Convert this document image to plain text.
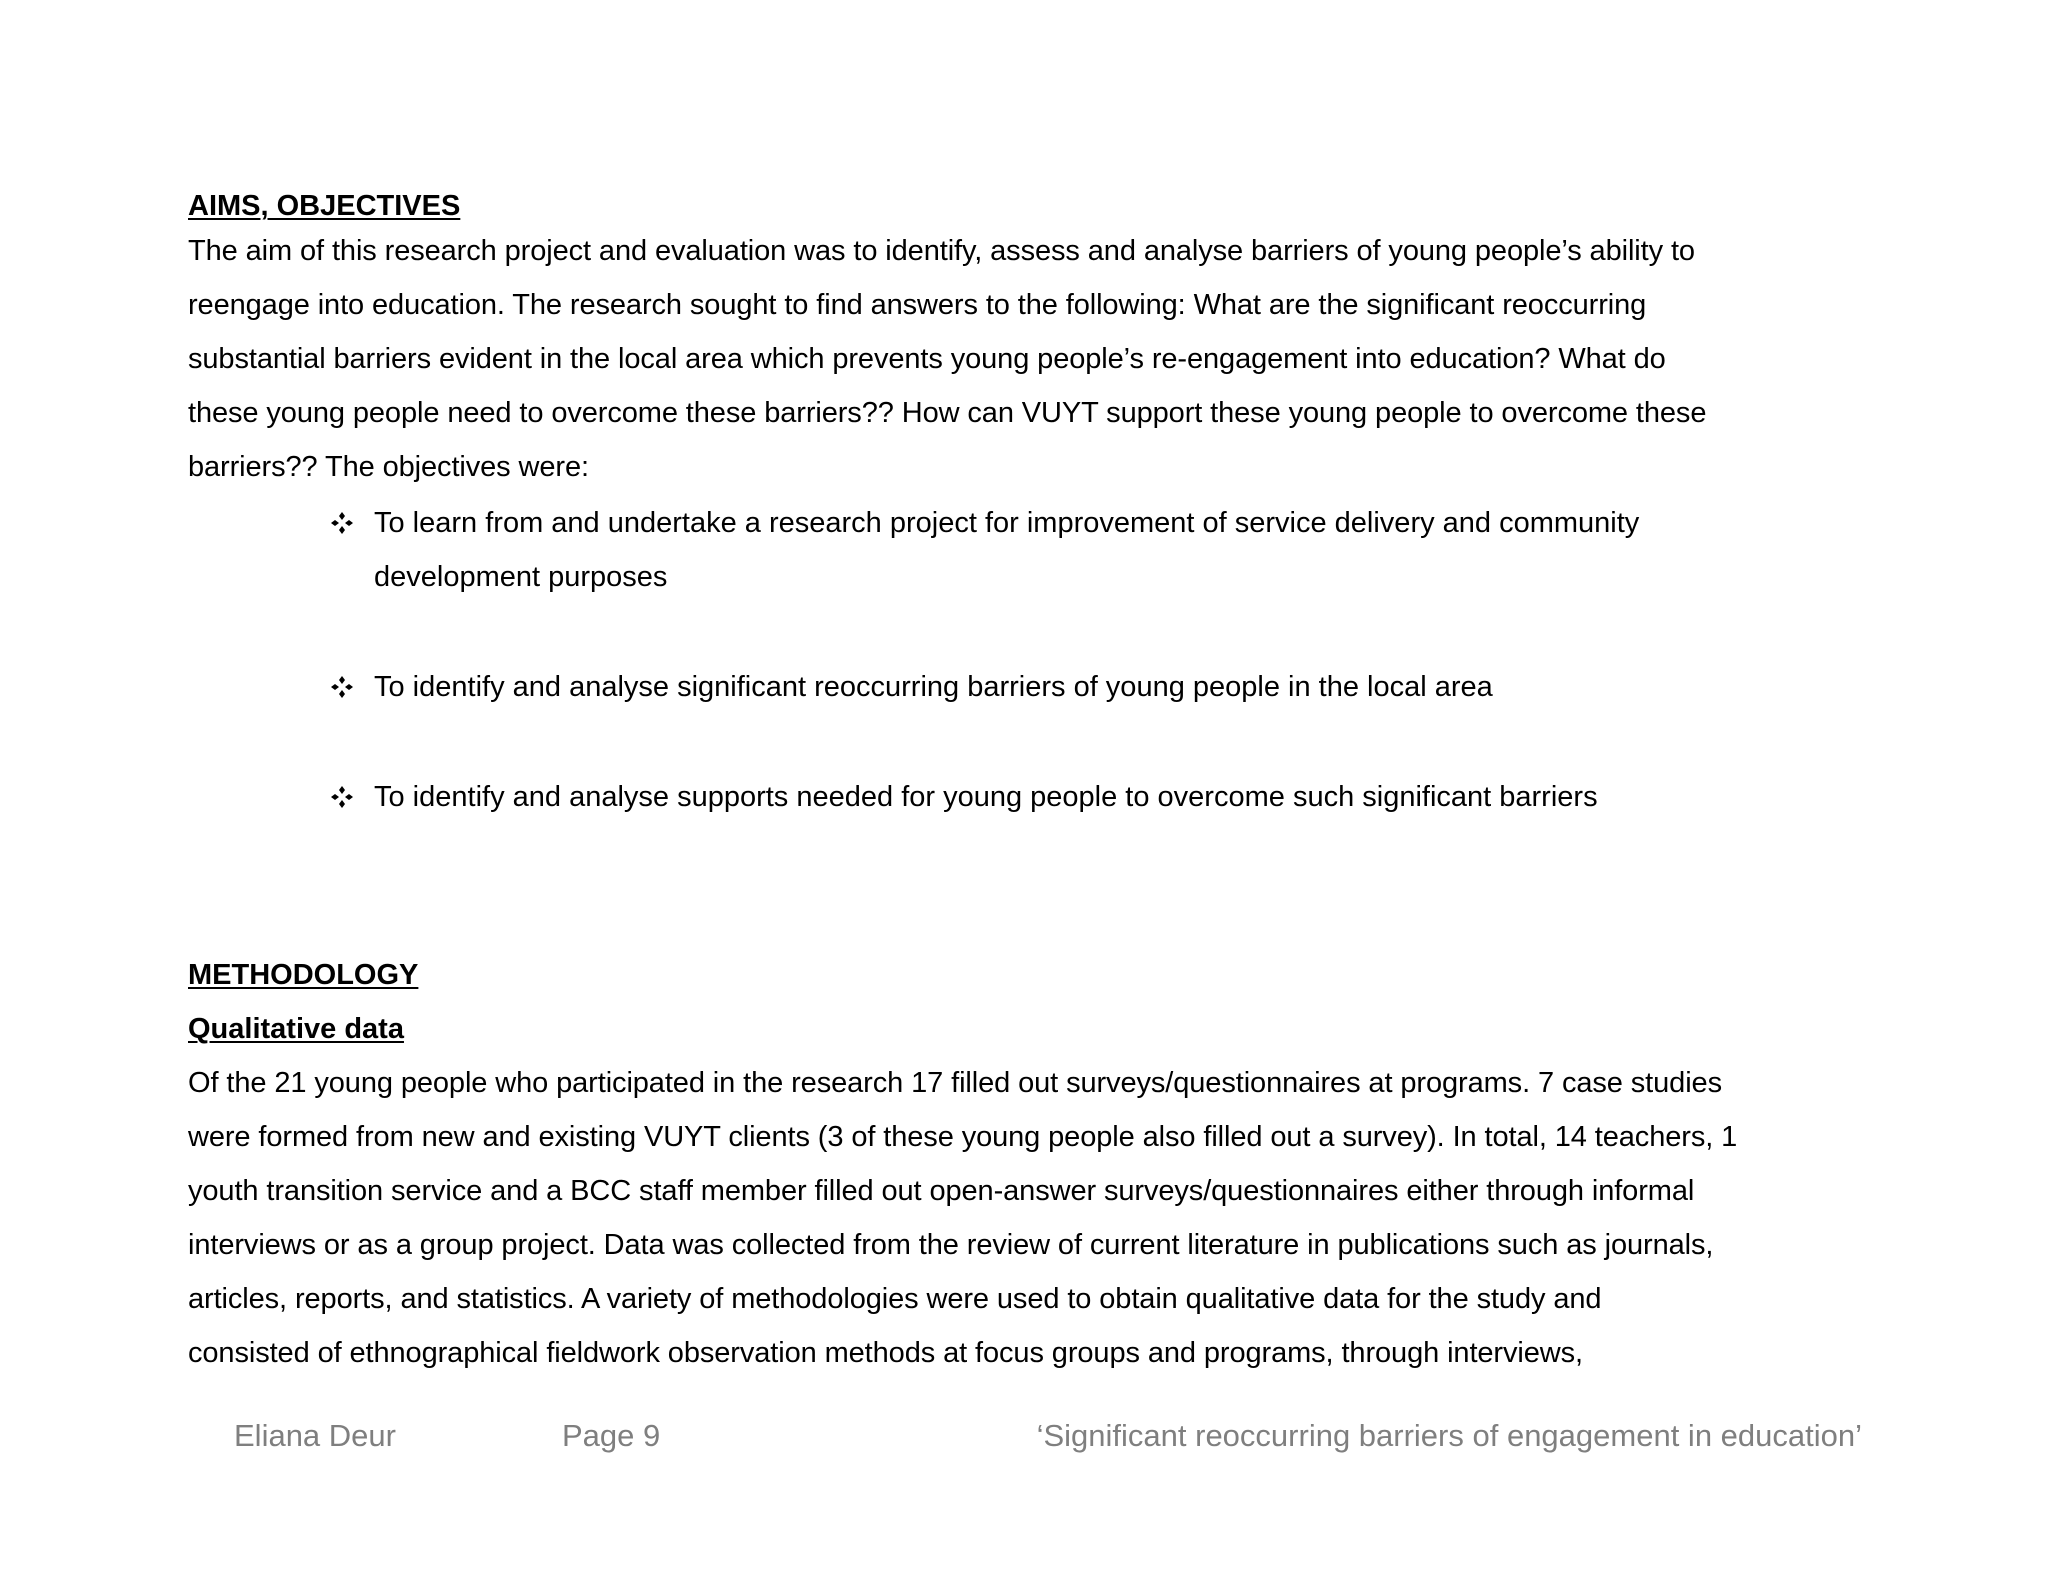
AIMS, OBJECTIVES

The aim of this research project and evaluation was to identify, assess and analyse barriers of young people’s ability to
reengage into education. The research sought to find answers to the following: What are the significant reoccurring
substantial barriers evident in the local area which prevents young people’s re-engagement into education? What do
these young people need to overcome these barriers?? How can VUYT support these young people to overcome these
barriers?? The objectives were:

To learn from and undertake a research project for improvement of service delivery and community
development purposes
To identify and analyse significant reoccurring barriers of young people in the local area
To identify and analyse supports needed for young people to overcome such significant barriers
METHODOLOGY
Qualitative data

Of the 21 young people who participated in the research 17 filled out surveys/questionnaires at programs. 7 case studies
were formed from new and existing VUYT clients (3 of these young people also filled out a survey). In total, 14 teachers, 1
youth transition service and a BCC staff member filled out open-answer surveys/questionnaires either through informal
interviews or as a group project. Data was collected from the review of current literature in publications such as journals,
articles, reports, and statistics. A variety of methodologies were used to obtain qualitative data for the study and
consisted of ethnographical fieldwork observation methods at focus groups and programs, through interviews,

Eliana Deur	Page 9	‘Significant reoccurring barriers of engagement in education’
